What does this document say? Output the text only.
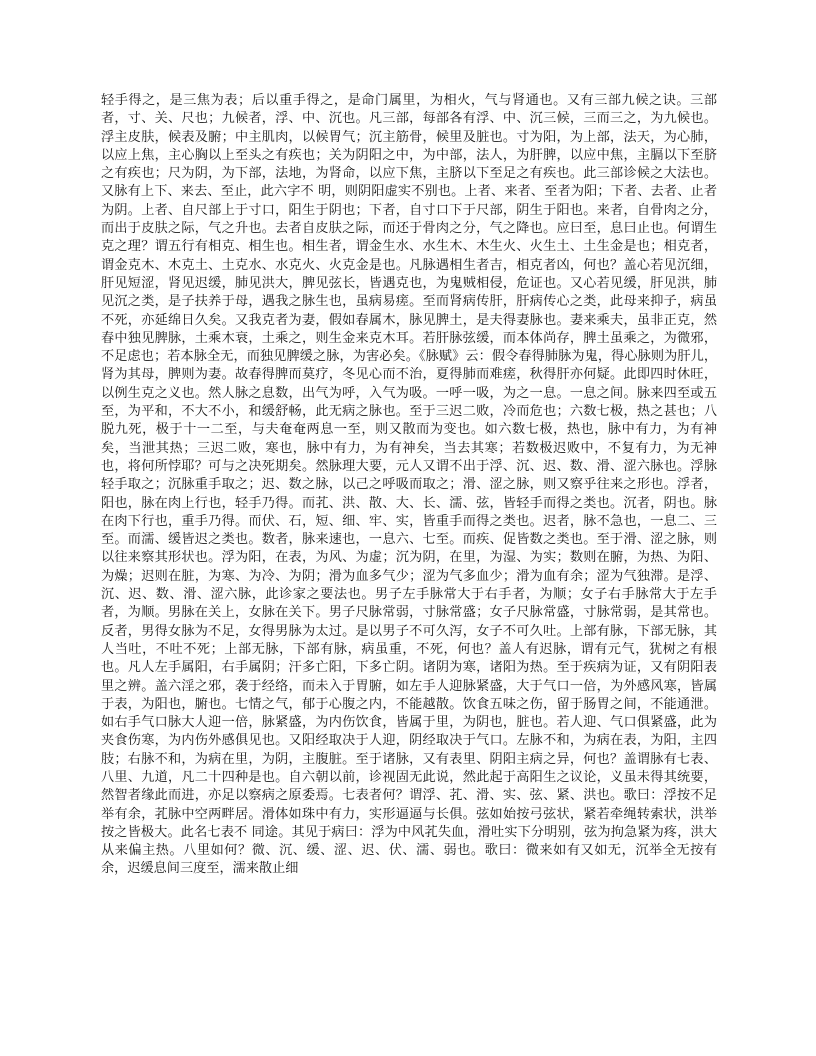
轻手得之，是三焦为表；后以重手得之，是命门属里，为相火，气与肾通也。又有三部九候之诀。三部者，寸、关、尺也；九候者，浮、中、沉也。凡三部，每部各有浮、中、沉三候，三而三之，为九候也。浮主皮肤，候表及腑；中主肌肉，以候胃气；沉主筋骨，候里及脏也。寸为阳，为上部，法天，为心肺，以应上焦，主心胸以上至头之有疾也；关为阴阳之中，为中部，法人，为肝脾，以应中焦，主膈以下至脐之有疾也；尺为阴，为下部，法地，为肾命，以应下焦，主脐以下至足之有疾也。此三部诊候之大法也。又脉有上下、来去、至止，此六字不 明，则阴阳虚实不别也。上者、来者、至者为阳；下者、去者、止者为阴。上者、自尺部上于寸口，阳生于阴也；下者，自寸口下于尺部，阴生于阳也。来者，自骨肉之分，而出于皮肤之际，气之升也。去者自皮肤之际，而还于骨肉之分，气之降也。应曰至，息曰止也。何谓生克之理？谓五行有相克、相生也。相生者，谓金生水、水生木、木生火、火生土、土生金是也；相克者，谓金克木、木克土、土克水、水克火、火克金是也。凡脉遇相生者吉，相克者凶，何也？盖心若见沉细，肝见短涩，肾见迟缓，肺见洪大，脾见弦长，皆遇克也，为鬼贼相侵，危证也。又心若见缓，肝见洪，肺见沉之类，是子扶养于母，遇我之脉生也，虽病易瘥。至而肾病传肝，肝病传心之类，此母来抑子，病虽不死，亦延绵日久矣。又我克者为妻，假如春属木，脉见脾土，是夫得妻脉也。妻来乘夫，虽非正克，然春中独见脾脉，土乘木衰，土乘之，则生金来克木耳。若肝脉弦缓，而本体尚存，脾土虽乘之，为微邪，不足虑也；若本脉全无，而独见脾缓之脉，为害必矣。《脉赋》云：假令春得肺脉为鬼，得心脉则为肝儿，肾为其母，脾则为妻。故春得脾而莫疗，冬见心而不治，夏得肺而难瘥，秋得肝亦何疑。此即四时休旺，以例生克之义也。然人脉之息数，出气为呼，入气为吸。一呼一吸，为之一息。一息之间。脉来四至或五至，为平和，不大不小，和缓舒畅，此无病之脉也。至于三迟二败，冷而危也；六数七极，热之甚也；八脱九死，极于十一二至，与夫奄奄两息一至，则又散而为变也。如六数七极，热也，脉中有力，为有神矣，当泄其热；三迟二败，寒也，脉中有力，为有神矣，当去其寒；若数极迟败中，不复有力，为无神也，将何所悖耶？可与之决死期矣。然脉理大要，元人又谓不出于浮、沉、迟、数、滑、涩六脉也。浮脉轻手取之；沉脉重手取之；迟、数之脉，以己之呼吸而取之；滑、涩之脉，则又察乎往来之形也。浮者，阳也，脉在肉上行也，轻手乃得。而芤、洪、散、大、长、濡、弦，皆轻手而得之类也。沉者，阴也。脉在肉下行也，重手乃得。而伏、石，短、细、牢、实，皆重手而得之类也。迟者，脉不急也，一息二、三至。而濡、缓皆迟之类也。数者，脉来速也，一息六、七至。而疾、促皆数之类也。至于滑、涩之脉，则以往来察其形状也。浮为阳，在表，为风、为虚；沉为阴，在里，为湿、为实；数则在腑，为热、为阳、为燥；迟则在脏，为寒、为冷、为阴；滑为血多气少；涩为气多血少；滑为血有余；涩为气独滞。是浮、沉、迟、数、滑、涩六脉，此诊家之要法也。男子左手脉常大于右手者，为顺；女子右手脉常大于左手者，为顺。男脉在关上，女脉在关下。男子尺脉常弱，寸脉常盛；女子尺脉常盛，寸脉常弱，是其常也。反者，男得女脉为不足，女得男脉为太过。是以男子不可久泻，女子不可久吐。上部有脉，下部无脉，其人当吐，不吐不死；上部无脉，下部有脉，病虽重，不死，何也？盖人有迟脉，谓有元气，犹树之有根也。凡人左手属阳，右手属阴；汗多亡阳，下多亡阴。诸阴为寒，诸阳为热。至于疾病为证，又有阴阳表里之辨。盖六淫之邪，袭于经络，而未入于胃腑，如左手人迎脉紧盛，大于气口一倍，为外感风寒，皆属于表，为阳也，腑也。七情之气，郁于心腹之内，不能越散。饮食五味之伤，留于肠胃之间，不能通泄。如右手气口脉大人迎一倍，脉紧盛，为内伤饮食，皆属于里，为阴也，脏也。若人迎、气口俱紧盛，此为夹食伤寒，为内伤外感俱见也。又阳经取决于人迎，阴经取决于气口。左脉不和，为病在表，为阳，主四肢；右脉不和，为病在里，为阴，主腹脏。至于诸脉，又有表里、阴阳主病之异，何也？盖谓脉有七表、八里、九道，凡二十四种是也。自六朝以前，诊视固无此说，然此起于高阳生之议论，义虽未得其统要，然智者缘此而进，亦足以察病之原委焉。七表者何？谓浮、芤、滑、实、弦、紧、洪也。歌曰：浮按不足举有余，芤脉中空两畔居。滑体如珠中有力，实形逼逼与长俱。弦如始按弓弦状，紧若牵绳转索状，洪举按之皆极大。此名七表不 同途。其见于病曰：浮为中风芤失血，滑吐实下分明别，弦为拘急紧为疼，洪大从来偏主热。八里如何？微、沉、缓、涩、迟、伏、濡、弱也。歌曰：微来如有又如无，沉举全无按有余，迟缓息间三度至，濡来散止细
